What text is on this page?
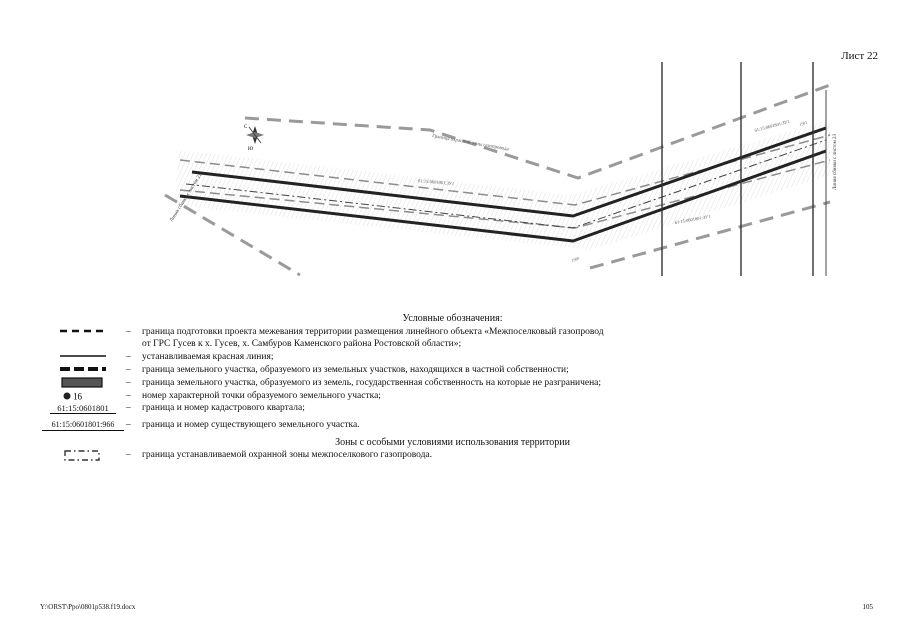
Лист 22
С
Ю	Граница охранной зоны газопровода
61:15:0601801:ЗУ1
61:15:0601801:ЗУ1
61:15:0601801:ЗУ1
Линия сбивки с листом 21
Линия сбивки с листом 23
1500
1501
Условные обозначения:
– граница подготовки проекта межевания территории размещения линейного объекта «Межпоселковый газопровод
от ГРС Гусев к х. Гусев, х. Самбуров Каменского района Ростовской области»;
– устанавливаемая красная линия;
– граница земельного участка, образуемого из земельных участков, находящихся в частной собственности;
– граница земельного участка, образуемого из земель, государственная собственность на которые не разграничена;
16	– номер характерной точки образуемого земельного участка;
61:15:0601801	– граница и номер кадастрового квартала;
61:15:0601801:966	– граница и номер существующего земельного участка.
Зоны с особыми условиями использования территории
– граница устанавливаемой охранной зоны межпоселкового газопровода.
Y:\ORST\Ppo\0801p538.f19.docx	105
